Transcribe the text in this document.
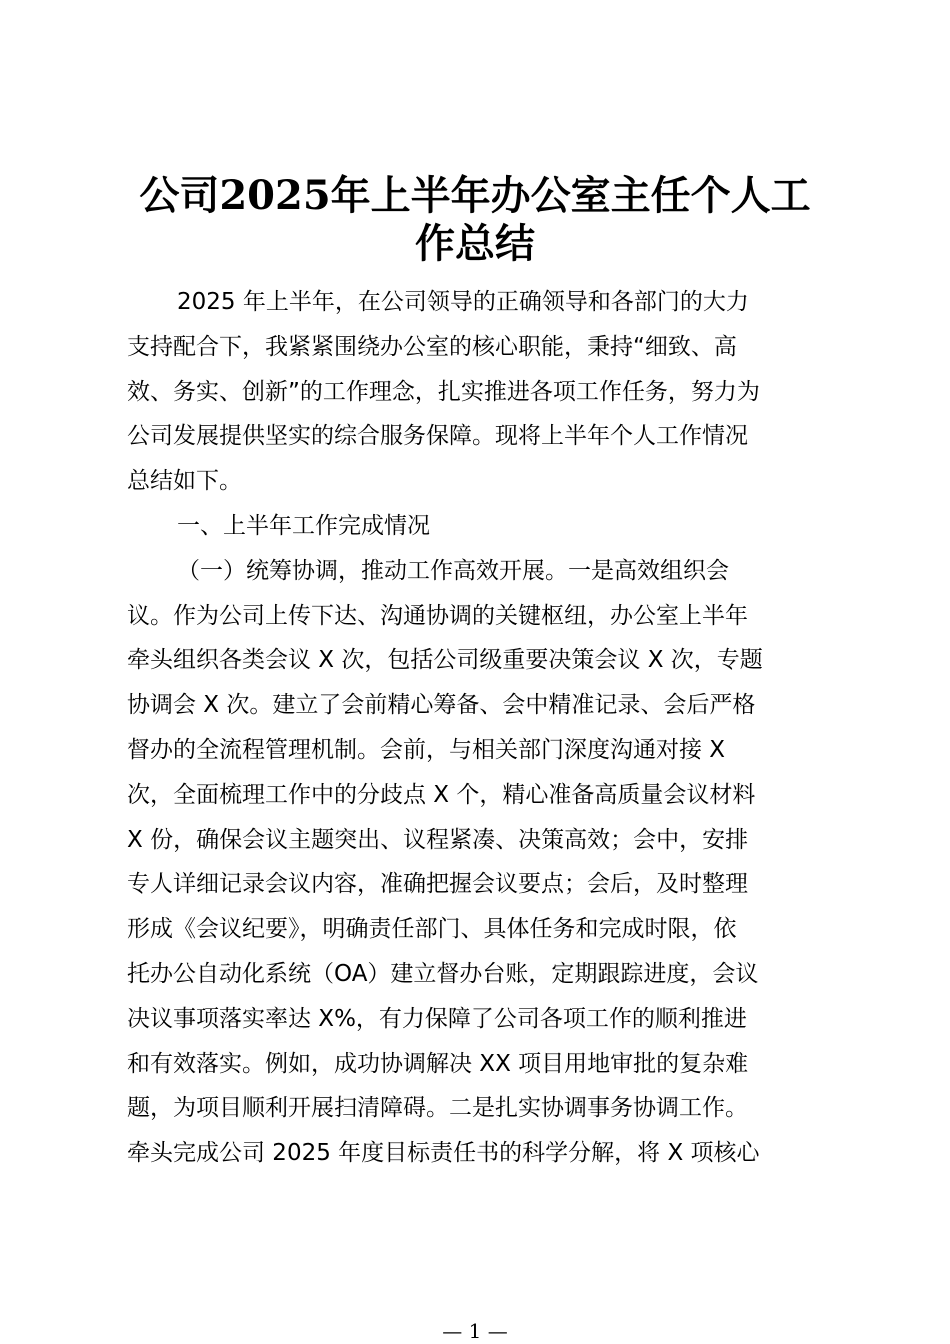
公司2025年上半年办公室主任个人工
作总结
2025 年上半年，在公司领导的正确领导和各部门的大力
支持配合下，我紧紧围绕办公室的核心职能，秉持“细致、高
效、务实、创新”的工作理念，扎实推进各项工作任务，努力为
公司发展提供坚实的综合服务保障。现将上半年个人工作情况
总结如下。
一、上半年工作完成情况
（一）统筹协调，推动工作高效开展。一是高效组织会
议。作为公司上传下达、沟通协调的关键枢纽，办公室上半年
牵头组织各类会议 X 次，包括公司级重要决策会议 X 次，专题
协调会 X 次。建立了会前精心筹备、会中精准记录、会后严格
督办的全流程管理机制。会前，与相关部门深度沟通对接 X
次，全面梳理工作中的分歧点 X 个，精心准备高质量会议材料
X 份，确保会议主题突出、议程紧凑、决策高效；会中，安排
专人详细记录会议内容，准确把握会议要点；会后，及时整理
形成《会议纪要》，明确责任部门、具体任务和完成时限，依
托办公自动化系统（OA）建立督办台账，定期跟踪进度，会议
决议事项落实率达 X%，有力保障了公司各项工作的顺利推进
和有效落实。例如，成功协调解决 XX 项目用地审批的复杂难
题，为项目顺利开展扫清障碍。二是扎实协调事务协调工作。
牵头完成公司 2025 年度目标责任书的科学分解，将 X 项核心
— 1 —
